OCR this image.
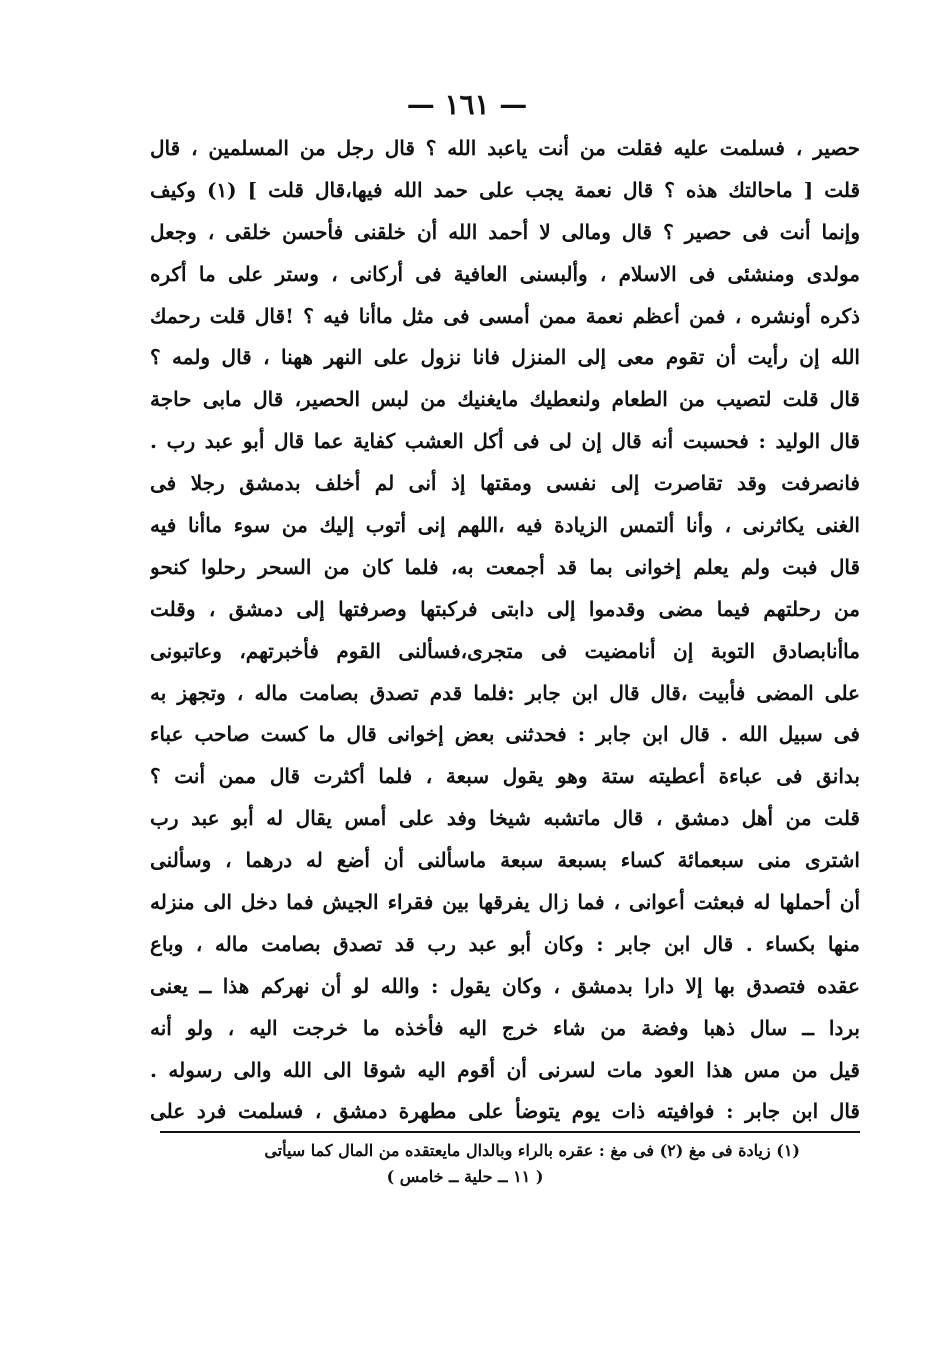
— ١٦١ —
حصير ، فسلمت عليه فقلت من أنت ياعبد الله ؟ قال رجل من المسلمين ، قال
قلت [ ماحالتك هذه ؟ قال نعمة يجب على حمد الله فيها،قال قلت ] (١) وكيف
وإنما أنت فى حصير ؟ قال ومالى لا أحمد الله أن خلقنى فأحسن خلقى ، وجعل
مولدى ومنشئى فى الاسلام ، وألبسنى العافية فى أركانى ، وستر على ما أكره
ذكره أونشره ، فمن أعظم نعمة ممن أمسى فى مثل ماأنا فيه ؟ !قال قلت رحمك
الله إن رأيت أن تقوم معى إلى المنزل فانا نزول على النهر ههنا ، قال ولمه ؟
قال قلت لتصيب من الطعام ولنعطيك مايغنيك من لبس الحصير، قال مابى حاجة
قال الوليد : فحسبت أنه قال إن لى فى أكل العشب كفاية عما قال أبو عبد رب .
فانصرفت وقد تقاصرت إلى نفسى ومقتها إذ أنى لم أخلف بدمشق رجلا فى
الغنى يكاثرنى ، وأنا ألتمس الزيادة فيه ،اللهم إنى أتوب إليك من سوء ماأنا فيه
قال فبت ولم يعلم إخوانى بما قد أجمعت به، فلما كان من السحر رحلوا كنحو
من رحلتهم فيما مضى وقدموا إلى دابتى فركبتها وصرفتها إلى دمشق ، وقلت
ماأنابصادق التوبة إن أنامضيت فى متجرى،فسألنى القوم فأخبرتهم، وعاتبونى
على المضى فأبيت ،قال قال ابن جابر :فلما قدم تصدق بصامت ماله ، وتجهز به
فى سبيل الله . قال ابن جابر : فحدثنى بعض إخوانى قال ما كست صاحب عباء
بدانق فى عباءة أعطيته ستة وهو يقول سبعة ، فلما أكثرت قال ممن أنت ؟
قلت من أهل دمشق ، قال ماتشبه شيخا وفد على أمس يقال له أبو عبد رب
اشترى منى سبعمائة كساء بسبعة سبعة ماسألنى أن أضع له درهما ، وسألنى
أن أحملها له فبعثت أعوانى ، فما زال يفرقها بين فقراء الجيش فما دخل الى منزله
منها بكساء . قال ابن جابر : وكان أبو عبد رب قد تصدق بصامت ماله ، وباع
عقده فتصدق بها إلا دارا بدمشق ، وكان يقول : والله لو أن نهركم هذا ــ يعنى
بردا ــ سال ذهبا وفضة من شاء خرج اليه فأخذه ما خرجت اليه ، ولو أنه
قيل من مس هذا العود مات لسرنى أن أقوم اليه شوقا الى الله والى رسوله .
قال ابن جابر : فوافيته ذات يوم يتوضأ على مطهرة دمشق ، فسلمت فرد على
(١) زيادة فى مغ (٢) فى مغ : عقره بالراء وبالدال مايعتقده من المال كما سيأتى
( ١١ ــ حلية ــ خامس )
